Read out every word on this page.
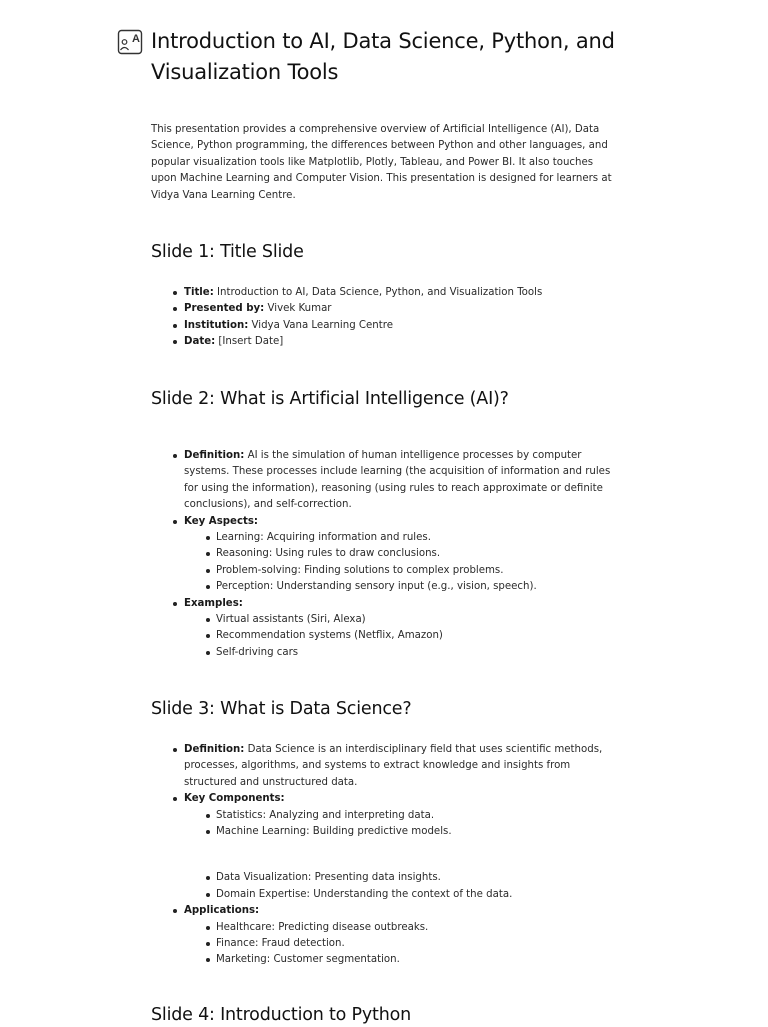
A Introduction to AI, Data Science, Python, and Visualization Tools

This presentation provides a comprehensive overview of Artificial Intelligence (AI), Data Science, Python programming, the differences between Python and other languages, and popular visualization tools like Matplotlib, Plotly, Tableau, and Power BI. It also touches upon Machine Learning and Computer Vision. This presentation is designed for learners at Vidya Vana Learning Centre.

Slide 1: Title Slide
Title: Introduction to AI, Data Science, Python, and Visualization Tools
Presented by: Vivek Kumar
Institution: Vidya Vana Learning Centre
Date: [Insert Date]
Slide 2: What is Artificial Intelligence (AI)?
Definition: AI is the simulation of human intelligence processes by computer systems. These processes include learning (the acquisition of information and rules for using the information), reasoning (using rules to reach approximate or definite conclusions), and self-correction.
Key Aspects:
Learning: Acquiring information and rules.
Reasoning: Using rules to draw conclusions.
Problem-solving: Finding solutions to complex problems.
Perception: Understanding sensory input (e.g., vision, speech).
Examples:
Virtual assistants (Siri, Alexa)
Recommendation systems (Netflix, Amazon)
Self-driving cars
Slide 3: What is Data Science?
Definition: Data Science is an interdisciplinary field that uses scientific methods, processes, algorithms, and systems to extract knowledge and insights from structured and unstructured data.
Key Components:
Statistics: Analyzing and interpreting data.
Machine Learning: Building predictive models.
Data Visualization: Presenting data insights.
Domain Expertise: Understanding the context of the data.
Applications:
Healthcare: Predicting disease outbreaks.
Finance: Fraud detection.
Marketing: Customer segmentation.
Slide 4: Introduction to Python
